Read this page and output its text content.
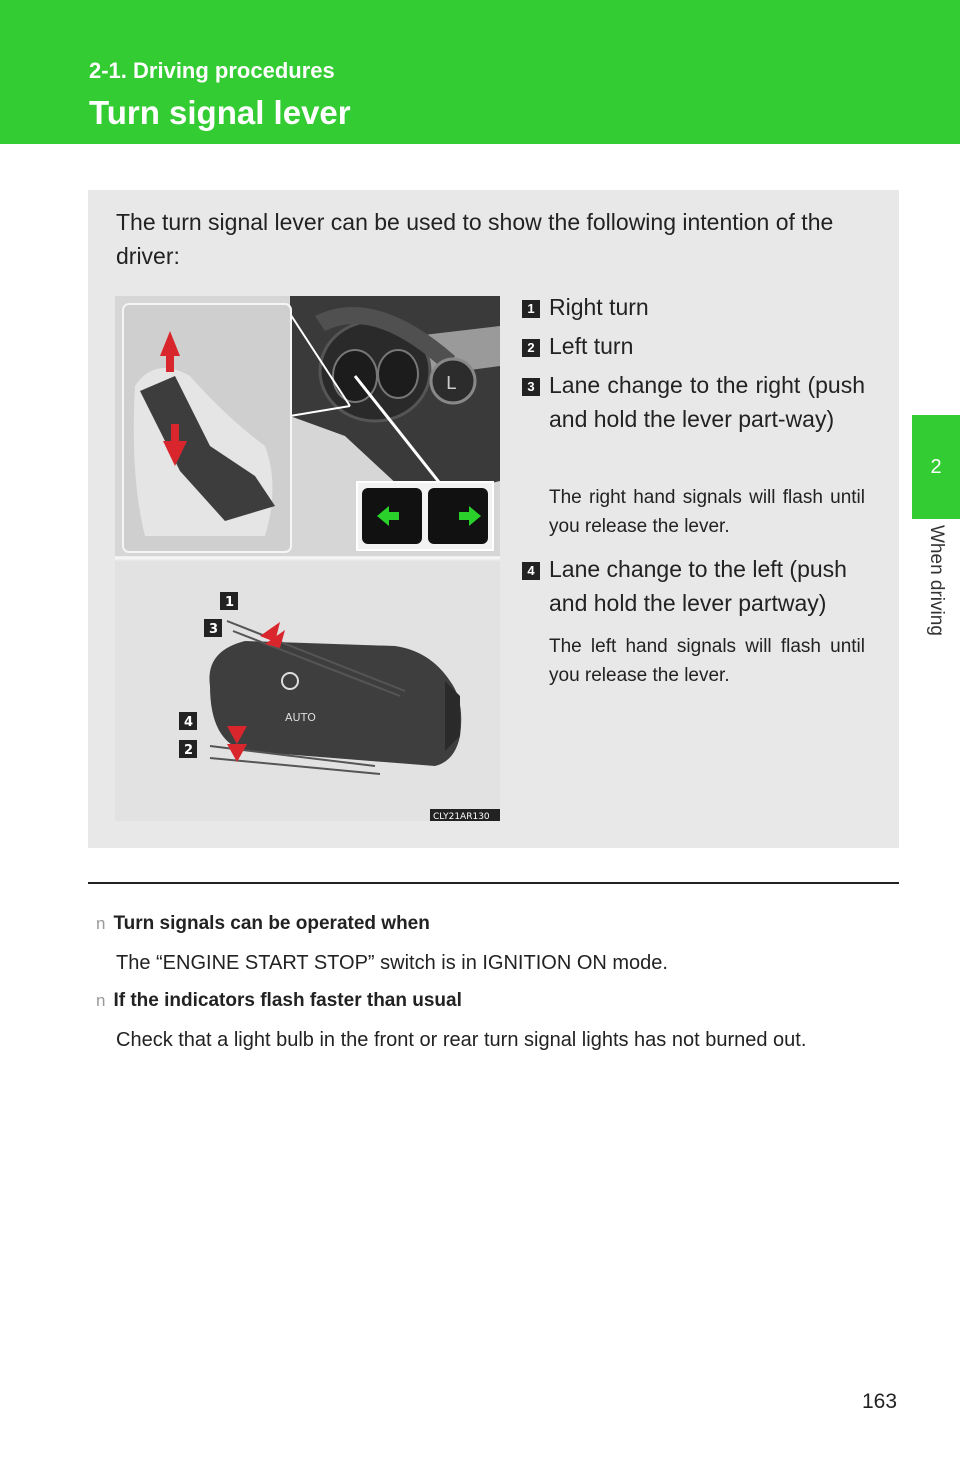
2-1. Driving procedures
Turn signal lever
2
When driving
The turn signal lever can be used to show the following intention of the driver:
L
AUTO
1
3
4
2
CLY21AR130
1 Right turn
2 Left turn
3 Lane change to the right (push and hold the lever part-way)
The right hand signals will flash until you release the lever.
4 Lane change to the left (push and hold the lever partway)
The left hand signals will flash until you release the lever.
n Turn signals can be operated when
The “ENGINE START STOP” switch is in IGNITION ON mode.
n If the indicators flash faster than usual
Check that a light bulb in the front or rear turn signal lights has not burned out.
163
